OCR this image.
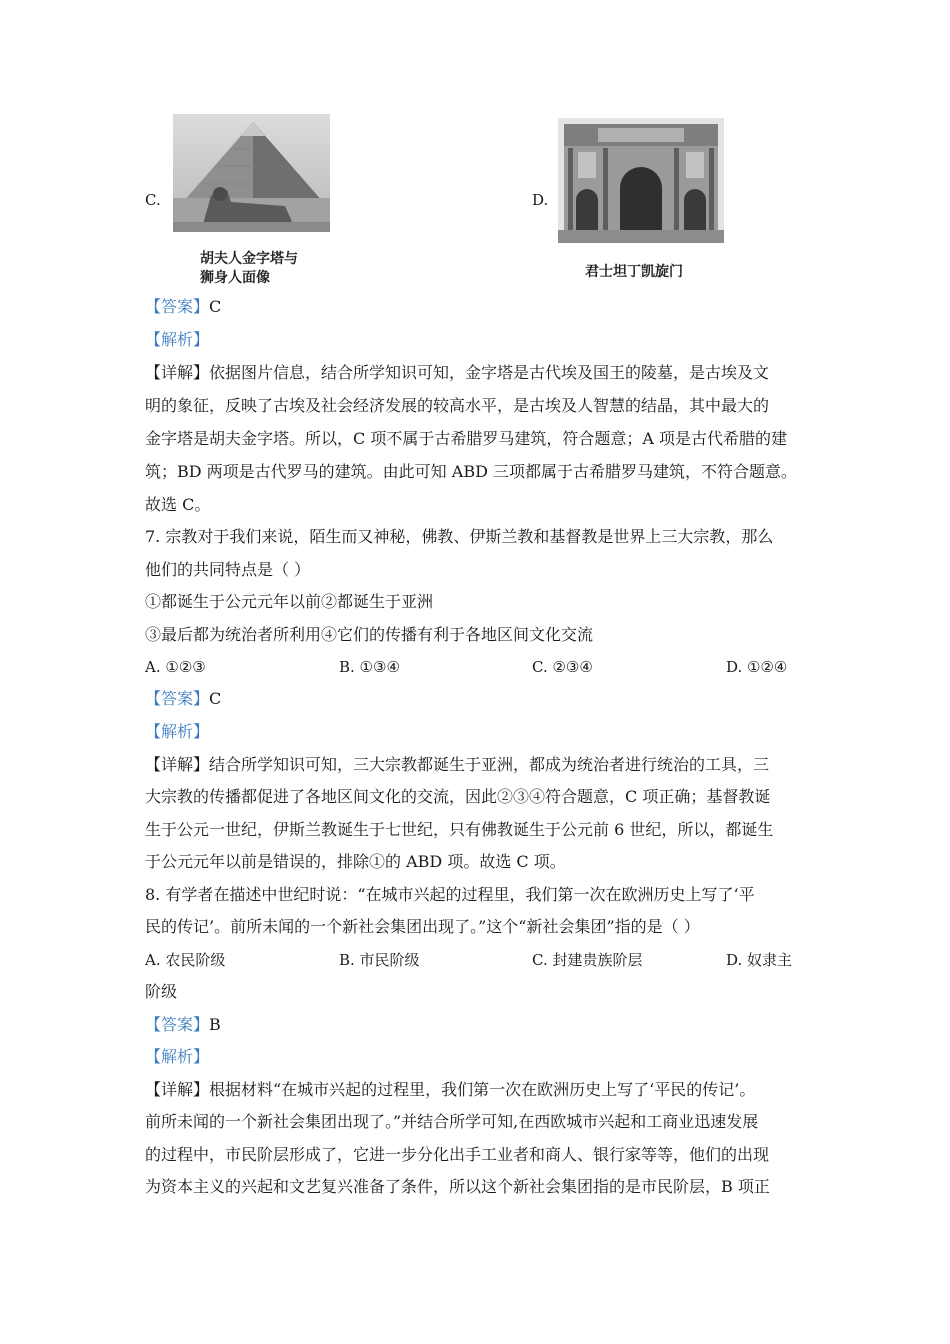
C.
胡夫人金字塔与
狮身人面像
D.
君士坦丁凯旋门
【答案】C
【解析】
【详解】依据图片信息，结合所学知识可知，金字塔是古代埃及国王的陵墓，是古埃及文
明的象征，反映了古埃及社会经济发展的较高水平，是古埃及人智慧的结晶，其中最大的
金字塔是胡夫金字塔。所以，C 项不属于古希腊罗马建筑，符合题意；A 项是古代希腊的建
筑；BD 两项是古代罗马的建筑。由此可知 ABD 三项都属于古希腊罗马建筑，不符合题意。
故选 C。
7. 宗教对于我们来说，陌生而又神秘，佛教、伊斯兰教和基督教是世界上三大宗教，那么
他们的共同特点是（ ）
①都诞生于公元元年以前②都诞生于亚洲
③最后都为统治者所利用④它们的传播有利于各地区间文化交流
A. ①②③	B. ①③④	C. ②③④	D. ①②④
【答案】C
【解析】
【详解】结合所学知识可知，三大宗教都诞生于亚洲，都成为统治者进行统治的工具，三
大宗教的传播都促进了各地区间文化的交流，因此②③④符合题意，C 项正确；基督教诞
生于公元一世纪，伊斯兰教诞生于七世纪，只有佛教诞生于公元前 6 世纪，所以，都诞生
于公元元年以前是错误的，排除①的 ABD 项。故选 C 项。
8. 有学者在描述中世纪时说：“在城市兴起的过程里，我们第一次在欧洲历史上写了‘平
民的传记’。前所未闻的一个新社会集团出现了。”这个“新社会集团”指的是（ ）
A. 农民阶级	B. 市民阶级	C. 封建贵族阶层	D. 奴隶主
阶级
【答案】B
【解析】
【详解】根据材料“在城市兴起的过程里，我们第一次在欧洲历史上写了‘平民的传记’。
前所未闻的一个新社会集团出现了。”并结合所学可知,在西欧城市兴起和工商业迅速发展
的过程中，市民阶层形成了，它进一步分化出手工业者和商人、银行家等等，他们的出现
为资本主义的兴起和文艺复兴准备了条件，所以这个新社会集团指的是市民阶层，B 项正
